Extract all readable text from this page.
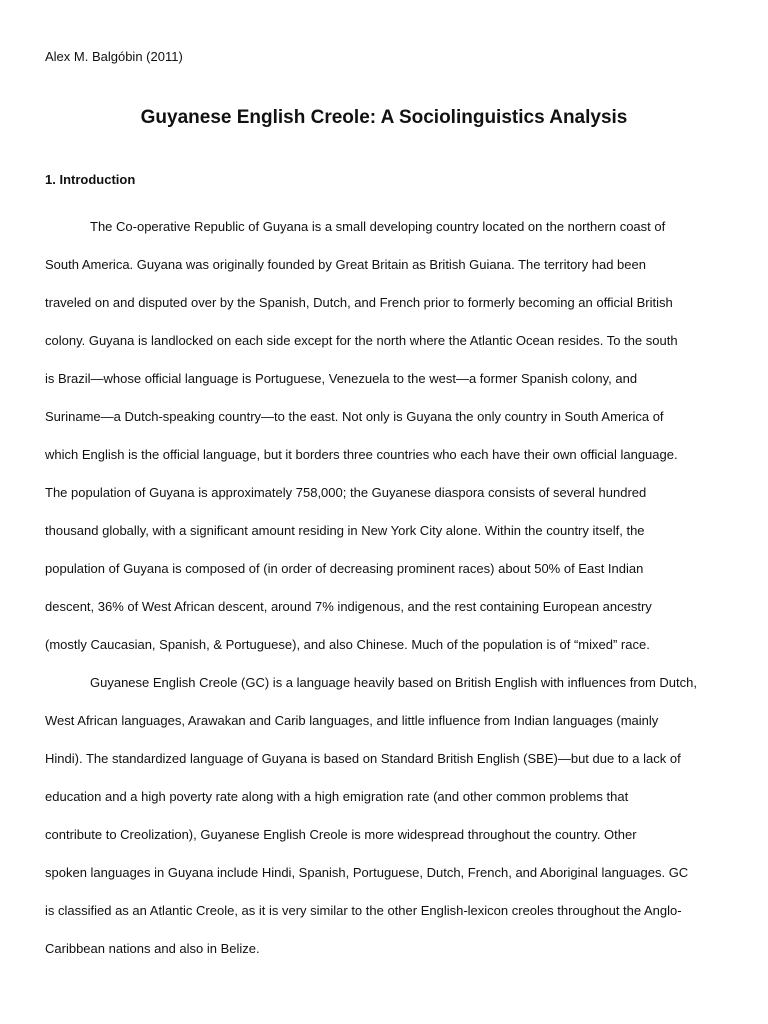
Alex M. Balgóbin (2011)
Guyanese English Creole: A Sociolinguistics Analysis
1. Introduction
The Co-operative Republic of Guyana is a small developing country located on the northern coast of
South America. Guyana was originally founded by Great Britain as British Guiana. The territory had been
traveled on and disputed over by the Spanish, Dutch, and French prior to formerly becoming an official British
colony. Guyana is landlocked on each side except for the north where the Atlantic Ocean resides. To the south
is Brazil—whose official language is Portuguese, Venezuela to the west—a former Spanish colony, and
Suriname—a Dutch-speaking country—to the east. Not only is Guyana the only country in South America of
which English is the official language, but it borders three countries who each have their own official language.
The population of Guyana is approximately 758,000; the Guyanese diaspora consists of several hundred
thousand globally, with a significant amount residing in New York City alone. Within the country itself, the
population of Guyana is composed of (in order of decreasing prominent races) about 50% of East Indian
descent, 36% of West African descent, around 7% indigenous, and the rest containing European ancestry
(mostly Caucasian, Spanish, & Portuguese), and also Chinese. Much of the population is of “mixed” race.
Guyanese English Creole (GC) is a language heavily based on British English with influences from Dutch,
West African languages, Arawakan and Carib languages, and little influence from Indian languages (mainly
Hindi). The standardized language of Guyana is based on Standard British English (SBE)—but due to a lack of
education and a high poverty rate along with a high emigration rate (and other common problems that
contribute to Creolization), Guyanese English Creole is more widespread throughout the country. Other
spoken languages in Guyana include Hindi, Spanish, Portuguese, Dutch, French, and Aboriginal languages. GC
is classified as an Atlantic Creole, as it is very similar to the other English-lexicon creoles throughout the Anglo-
Caribbean nations and also in Belize.
